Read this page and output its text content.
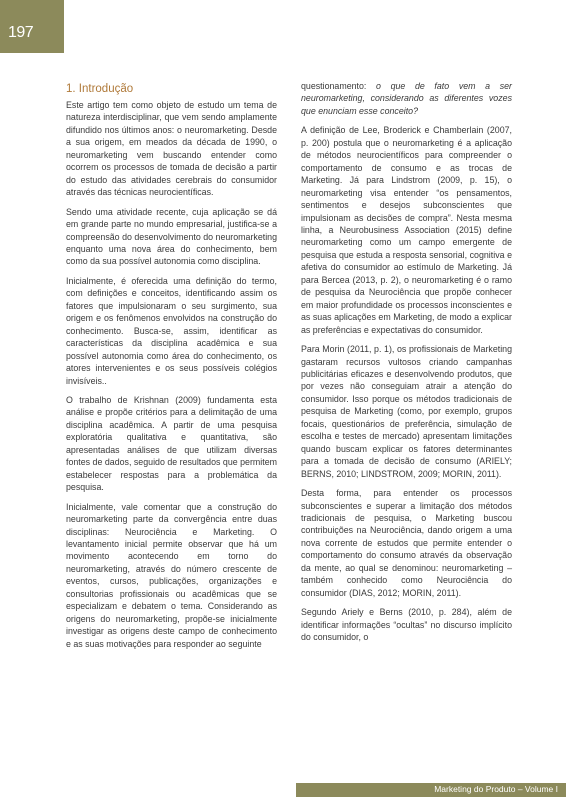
197
1. Introdução

Este artigo tem como objeto de estudo um tema de natureza interdisciplinar, que vem sendo amplamente difundido nos últimos anos: o neuromarketing. Desde a sua origem, em meados da década de 1990, o neuromarketing vem buscando entender como ocorrem os processos de tomada de decisão a partir do estudo das atividades cerebrais do consumidor através das técnicas neurocientíficas.

Sendo uma atividade recente, cuja aplicação se dá em grande parte no mundo empresarial, justifica-se a compreensão do desenvolvimento do neuromarketing enquanto uma nova área do conhecimento, bem como da sua possível autonomia como disciplina.

Inicialmente, é oferecida uma definição do termo, com definições e conceitos, identificando assim os fatores que impulsionaram o seu surgimento, sua origem e os fenômenos envolvidos na construção do conhecimento. Busca-se, assim, identificar as características da disciplina acadêmica e sua possível autonomia como área do conhecimento, os atores intervenientes e os seus possíveis colégios invisíveis..

O trabalho de Krishnan (2009) fundamenta esta análise e propõe critérios para a delimitação de uma disciplina acadêmica. A partir de uma pesquisa exploratória qualitativa e quantitativa, são apresentadas análises de que utilizam diversas fontes de dados, seguido de resultados que permitem estabelecer respostas para a problemática da pesquisa.

Inicialmente, vale comentar que a construção do neuromarketing parte da convergência entre duas disciplinas: Neurociência e Marketing. O levantamento inicial permite observar que há um movimento acontecendo em torno do neuromarketing, através do número crescente de eventos, cursos, publicações, organizações e consultorias profissionais ou acadêmicas que se especializam e debatem o tema. Considerando as origens do neuromarketing, propõe-se inicialmente investigar as origens deste campo de conhecimento e as suas motivações para responder ao seguinte

questionamento: o que de fato vem a ser neuromarketing, considerando as diferentes vozes que enunciam esse conceito?

A definição de Lee, Broderick e Chamberlain (2007, p. 200) postula que o neuromarketing é a aplicação de métodos neurocientíficos para compreender o comportamento de consumo e as trocas de Marketing. Já para Lindstrom (2009, p. 15), o neuromarketing visa entender “os pensamentos, sentimentos e desejos subconscientes que impulsionam as decisões de compra”. Nesta mesma linha, a Neurobusiness Association (2015) define neuromarketing como um campo emergente de pesquisa que estuda a resposta sensorial, cognitiva e afetiva do consumidor ao estímulo de Marketing. Já para Bercea (2013, p. 2), o neuromarketing é o ramo de pesquisa da Neurociência que propõe conhecer em maior profundidade os processos inconscientes e as suas aplicações em Marketing, de modo a explicar as preferências e expectativas do consumidor.

Para Morin (2011, p. 1), os profissionais de Marketing gastaram recursos vultosos criando campanhas publicitárias eficazes e desenvolvendo produtos, que por vezes não conseguiam atrair a atenção do consumidor. Isso porque os métodos tradicionais de pesquisa de Marketing (como, por exemplo, grupos focais, questionários de preferência, simulação de escolha e testes de mercado) apresentam limitações quando buscam explicar os fatores determinantes para a tomada de decisão de consumo (ARIELY; BERNS, 2010; LINDSTROM, 2009; MORIN, 2011).

Desta forma, para entender os processos subconscientes e superar a limitação dos métodos tradicionais de pesquisa, o Marketing buscou contribuições na Neurociência, dando origem a uma nova corrente de estudos que permite entender o comportamento do consumo através da observação da mente, ao qual se denominou: neuromarketing – também conhecido como Neurociência do consumidor (DIAS, 2012; MORIN, 2011).

Segundo Ariely e Berns (2010, p. 284), além de identificar informações “ocultas” no discurso implícito do consumidor, o

Marketing do Produto – Volume I
